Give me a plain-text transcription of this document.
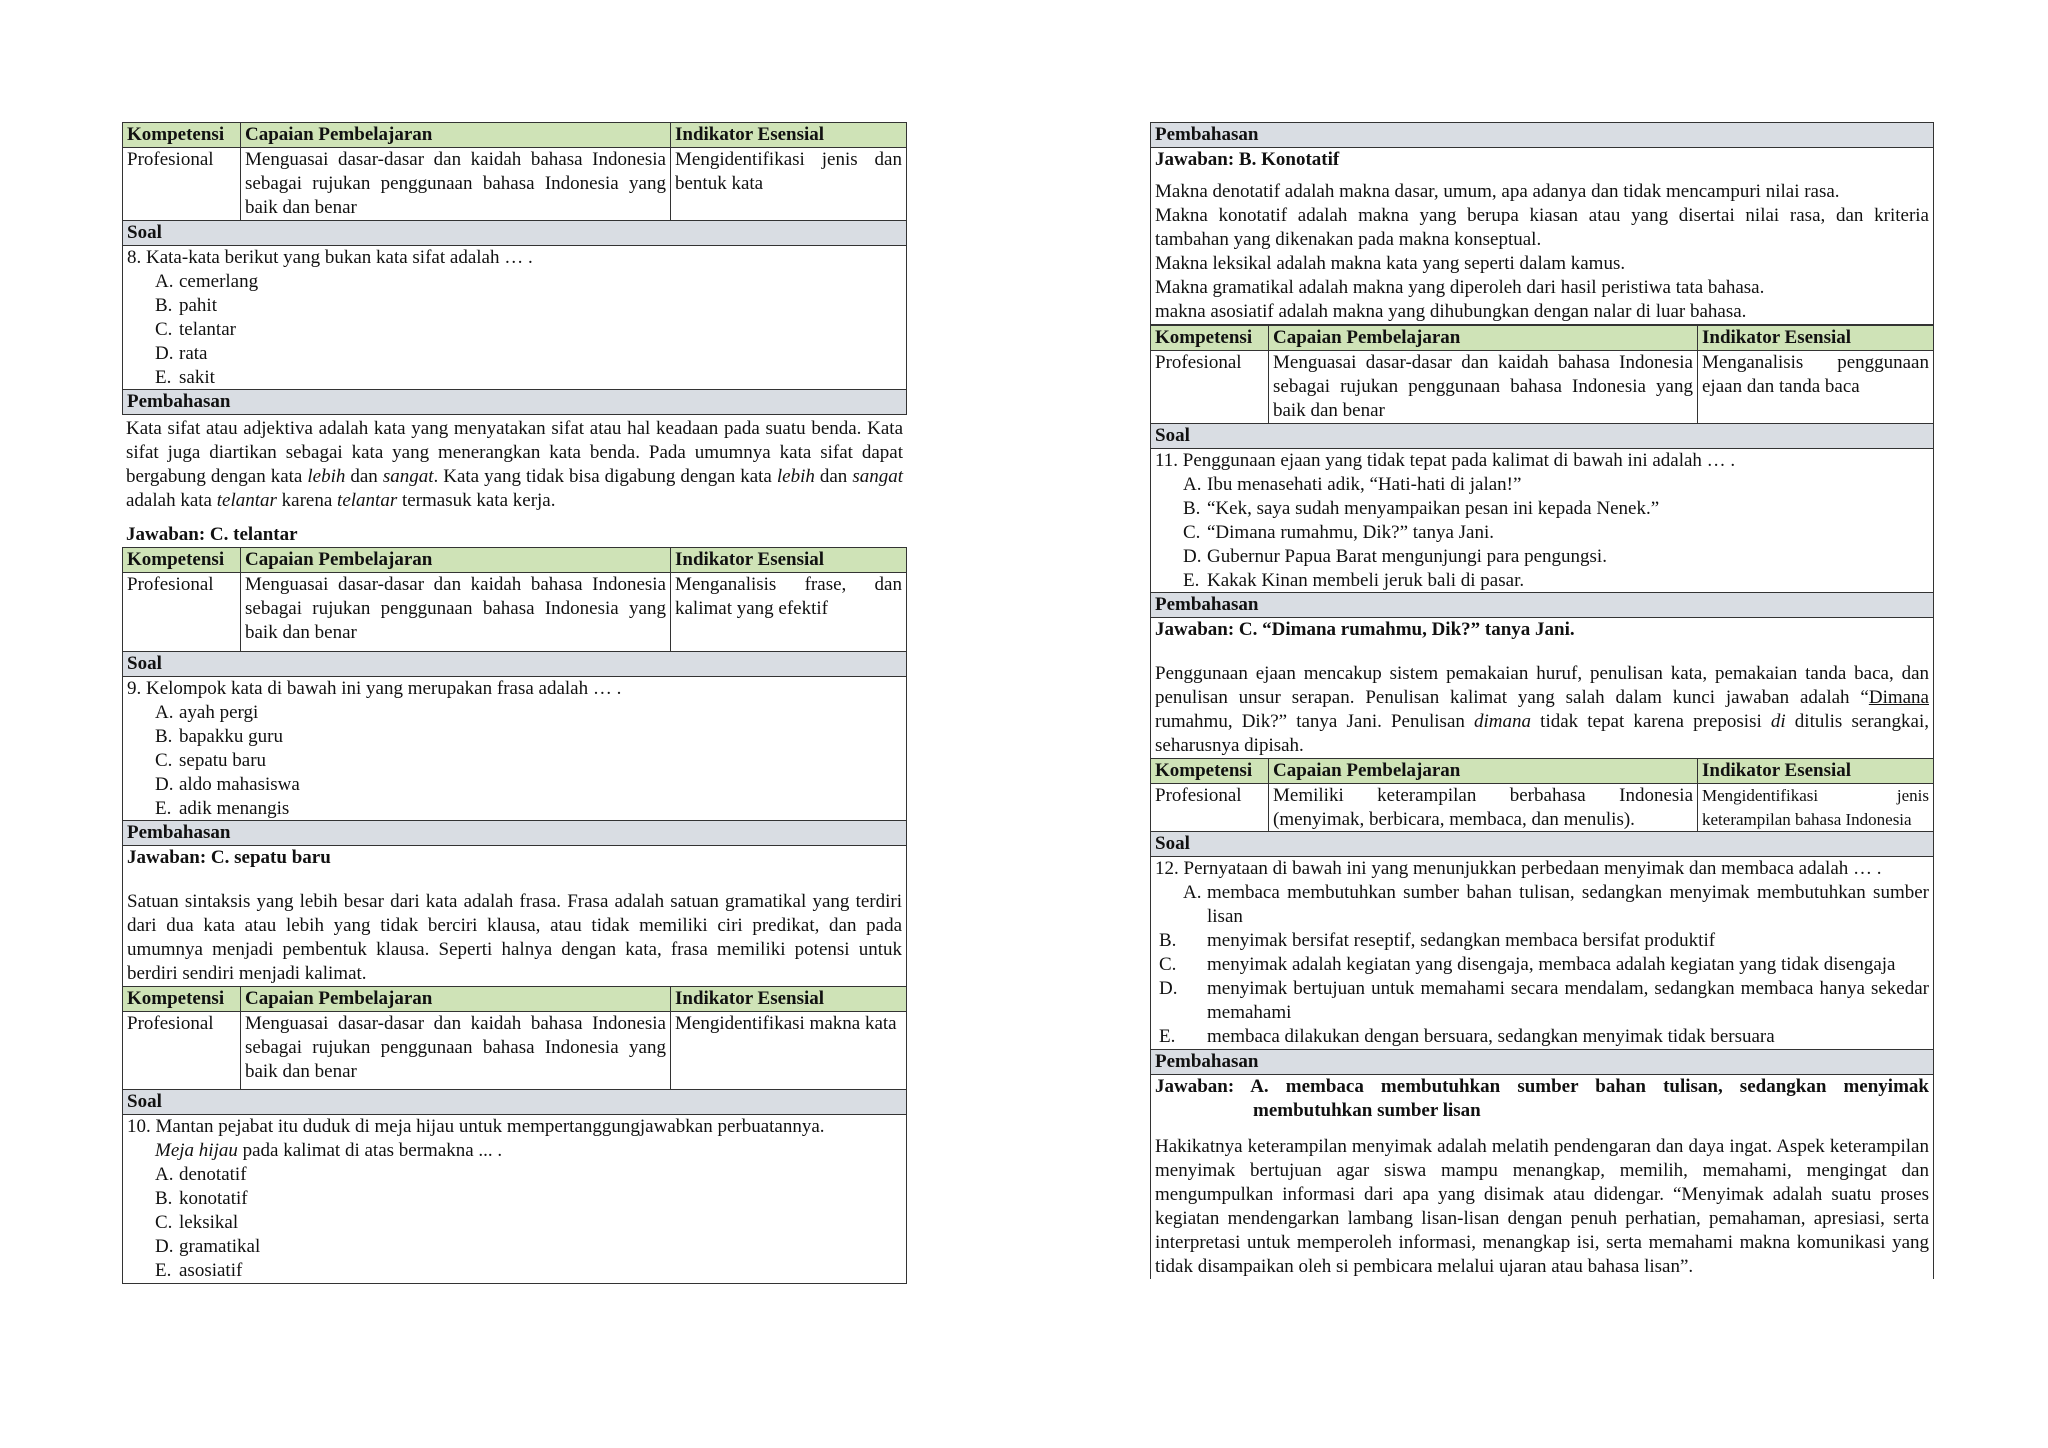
Kompetensi	Capaian Pembelajaran	Indikator Esensial
Profesional	Menguasai dasar-dasar dan kaidah bahasa Indonesia sebagai rujukan penggunaan bahasa Indonesia yang baik dan benar	Mengidentifikasi jenis dan bentuk kata
Soal

8. Kata-kata berikut yang bukan kata sifat adalah … .

A. cemerlang
B. pahit
C. telantar
D. rata
E. sakit
Pembahasan

Kata sifat atau adjektiva adalah kata yang menyatakan sifat atau hal keadaan pada suatu benda. Kata sifat juga diartikan sebagai kata yang menerangkan kata benda. Pada umumnya kata sifat dapat bergabung dengan kata lebih dan sangat. Kata yang tidak bisa digabung dengan kata lebih dan sangat adalah kata telantar karena telantar termasuk kata kerja.

Jawaban: C. telantar

Kompetensi	Capaian Pembelajaran	Indikator Esensial
Profesional	Menguasai dasar-dasar dan kaidah bahasa Indonesia sebagai rujukan penggunaan bahasa Indonesia yang baik dan benar	Menganalisis frase, dan kalimat yang efektif
Soal

9. Kelompok kata di bawah ini yang merupakan frasa adalah … .

A. ayah pergi
B. bapakku guru
C. sepatu baru
D. aldo mahasiswa
E. adik menangis
Pembahasan

Jawaban: C. sepatu baru

Satuan sintaksis yang lebih besar dari kata adalah frasa. Frasa adalah satuan gramatikal yang terdiri dari dua kata atau lebih yang tidak berciri klausa, atau tidak memiliki ciri predikat, dan pada umumnya menjadi pembentuk klausa. Seperti halnya dengan kata, frasa memiliki potensi untuk berdiri sendiri menjadi kalimat.

Kompetensi	Capaian Pembelajaran	Indikator Esensial
Profesional	Menguasai dasar-dasar dan kaidah bahasa Indonesia sebagai rujukan penggunaan bahasa Indonesia yang baik dan benar	Mengidentifikasi makna kata
Soal

10. Mantan pejabat itu duduk di meja hijau untuk mempertanggungjawabkan perbuatannya.

Meja hijau pada kalimat di atas bermakna ... .

A. denotatif
B. konotatif
C. leksikal
D. gramatikal
E. asosiatif
Pembahasan

Jawaban: B. Konotatif

Makna denotatif adalah makna dasar, umum, apa adanya dan tidak mencampuri nilai rasa.

Makna konotatif adalah makna yang berupa kiasan atau yang disertai nilai rasa, dan kriteria tambahan yang dikenakan pada makna konseptual.

Makna leksikal adalah makna kata yang seperti dalam kamus.

Makna gramatikal adalah makna yang diperoleh dari hasil peristiwa tata bahasa.

makna asosiatif adalah makna yang dihubungkan dengan nalar di luar bahasa.

Kompetensi	Capaian Pembelajaran	Indikator Esensial
Profesional	Menguasai dasar-dasar dan kaidah bahasa Indonesia sebagai rujukan penggunaan bahasa Indonesia yang baik dan benar	Menganalisis penggunaan ejaan dan tanda baca
Soal

11. Penggunaan ejaan yang tidak tepat pada kalimat di bawah ini adalah … .

A. Ibu menasehati adik, “Hati-hati di jalan!”
B. “Kek, saya sudah menyampaikan pesan ini kepada Nenek.”
C. “Dimana rumahmu, Dik?” tanya Jani.
D. Gubernur Papua Barat mengunjungi para pengungsi.
E. Kakak Kinan membeli jeruk bali di pasar.
Pembahasan

Jawaban: C. “Dimana rumahmu, Dik?” tanya Jani.

Penggunaan ejaan mencakup sistem pemakaian huruf, penulisan kata, pemakaian tanda baca, dan penulisan unsur serapan. Penulisan kalimat yang salah dalam kunci jawaban adalah “Dimana rumahmu, Dik?” tanya Jani. Penulisan dimana tidak tepat karena preposisi di ditulis serangkai, seharusnya dipisah.

Kompetensi	Capaian Pembelajaran	Indikator Esensial
Profesional	Memiliki keterampilan berbahasa Indonesia (menyimak, berbicara, membaca, dan menulis).	Mengidentifikasi jenis keterampilan bahasa Indonesia
Soal

12. Pernyataan di bawah ini yang menunjukkan perbedaan menyimak dan membaca adalah … .

A. membaca membutuhkan sumber bahan tulisan, sedangkan menyimak membutuhkan sumber lisan
B. menyimak bersifat reseptif, sedangkan membaca bersifat produktif
C. menyimak adalah kegiatan yang disengaja, membaca adalah kegiatan yang tidak disengaja
D. menyimak bertujuan untuk memahami secara mendalam, sedangkan membaca hanya sekedar memahami
E. membaca dilakukan dengan bersuara, sedangkan menyimak tidak bersuara
Pembahasan

Jawaban: A. membaca membutuhkan sumber bahan tulisan, sedangkan menyimak membutuhkan sumber lisan

Hakikatnya keterampilan menyimak adalah melatih pendengaran dan daya ingat. Aspek keterampilan menyimak bertujuan agar siswa mampu menangkap, memilih, memahami, mengingat dan mengumpulkan informasi dari apa yang disimak atau didengar. “Menyimak adalah suatu proses kegiatan mendengarkan lambang lisan-lisan dengan penuh perhatian, pemahaman, apresiasi, serta interpretasi untuk memperoleh informasi, menangkap isi, serta memahami makna komunikasi yang tidak disampaikan oleh si pembicara melalui ujaran atau bahasa lisan”.
